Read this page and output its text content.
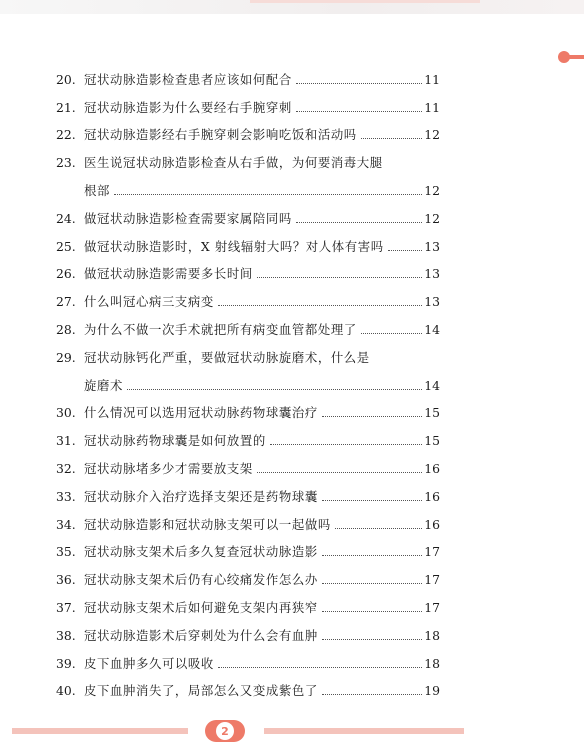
20. 冠状动脉造影检查患者应该如何配合	11
21. 冠状动脉造影为什么要经右手腕穿刺	11
22. 冠状动脉造影经右手腕穿刺会影响吃饭和活动吗	12
23. 医生说冠状动脉造影检查从右手做，为何要消毒大腿
根部	12
24. 做冠状动脉造影检查需要家属陪同吗	12
25. 做冠状动脉造影时，X 射线辐射大吗？对人体有害吗	13
26. 做冠状动脉造影需要多长时间	13
27. 什么叫冠心病三支病变	13
28. 为什么不做一次手术就把所有病变血管都处理了	14
29. 冠状动脉钙化严重，要做冠状动脉旋磨术，什么是
旋磨术	14
30. 什么情况可以选用冠状动脉药物球囊治疗	15
31. 冠状动脉药物球囊是如何放置的	15
32. 冠状动脉堵多少才需要放支架	16
33. 冠状动脉介入治疗选择支架还是药物球囊	16
34. 冠状动脉造影和冠状动脉支架可以一起做吗	16
35. 冠状动脉支架术后多久复查冠状动脉造影	17
36. 冠状动脉支架术后仍有心绞痛发作怎么办	17
37. 冠状动脉支架术后如何避免支架内再狭窄	17
38. 冠状动脉造影术后穿刺处为什么会有血肿	18
39. 皮下血肿多久可以吸收	18
40. 皮下血肿消失了，局部怎么又变成紫色了	19
2
